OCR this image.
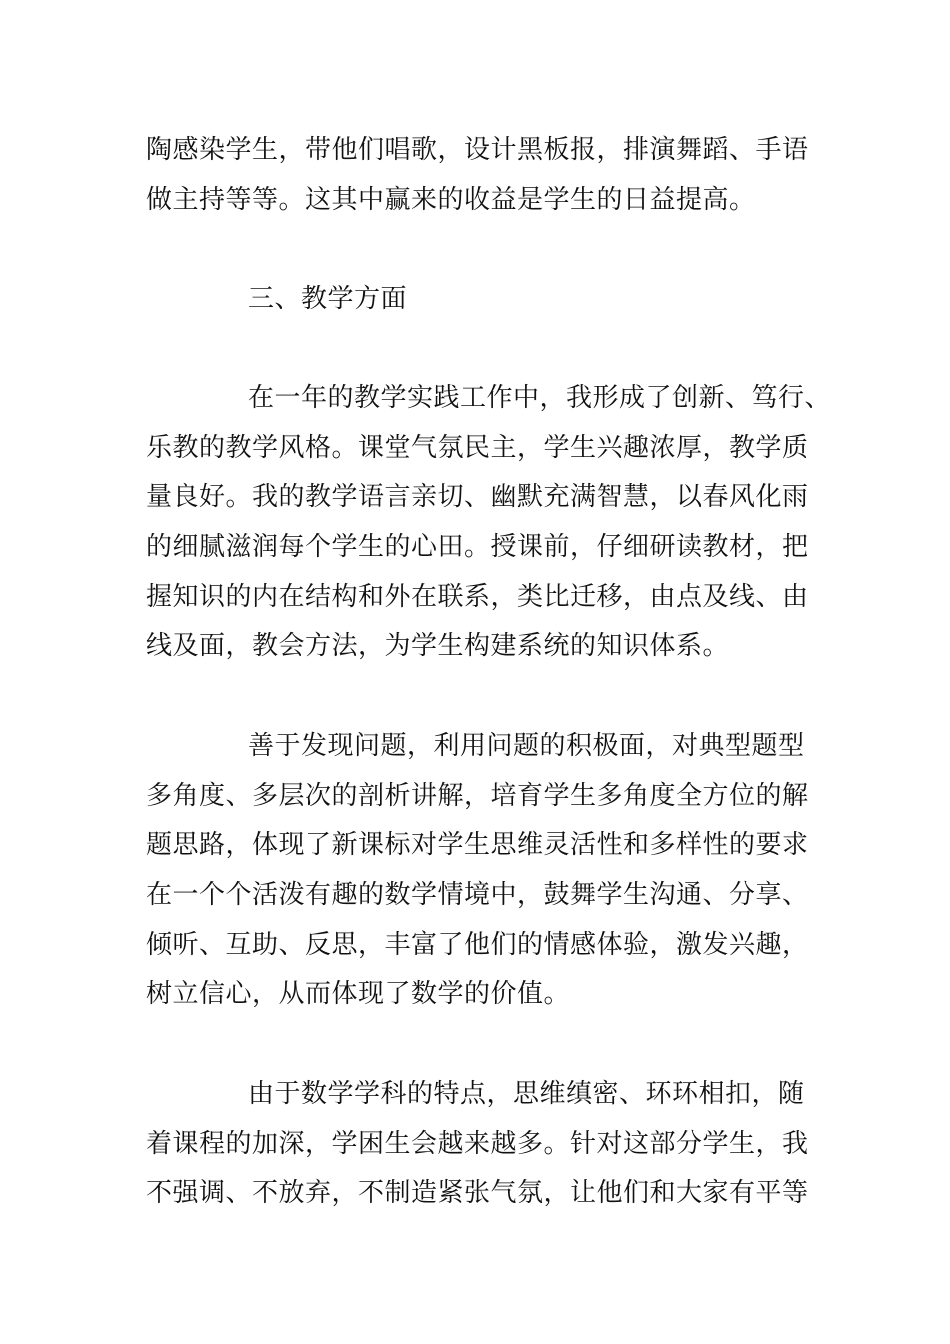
陶感染学生，带他们唱歌，设计黑板报，排演舞蹈、手语
做主持等等。这其中赢来的收益是学生的日益提高。
三、教学方面
在一年的教学实践工作中，我形成了创新、笃行、
乐教的教学风格。课堂气氛民主，学生兴趣浓厚，教学质
量良好。我的教学语言亲切、幽默充满智慧，以春风化雨
的细腻滋润每个学生的心田。授课前，仔细研读教材，把
握知识的内在结构和外在联系，类比迁移，由点及线、由
线及面，教会方法，为学生构建系统的知识体系。
善于发现问题，利用问题的积极面，对典型题型
多角度、多层次的剖析讲解，培育学生多角度全方位的解
题思路，体现了新课标对学生思维灵活性和多样性的要求
在一个个活泼有趣的数学情境中，鼓舞学生沟通、分享、
倾听、互助、反思，丰富了他们的情感体验，激发兴趣，
树立信心，从而体现了数学的价值。
由于数学学科的特点，思维缜密、环环相扣，随
着课程的加深，学困生会越来越多。针对这部分学生，我
不强调、不放弃，不制造紧张气氛，让他们和大家有平等
